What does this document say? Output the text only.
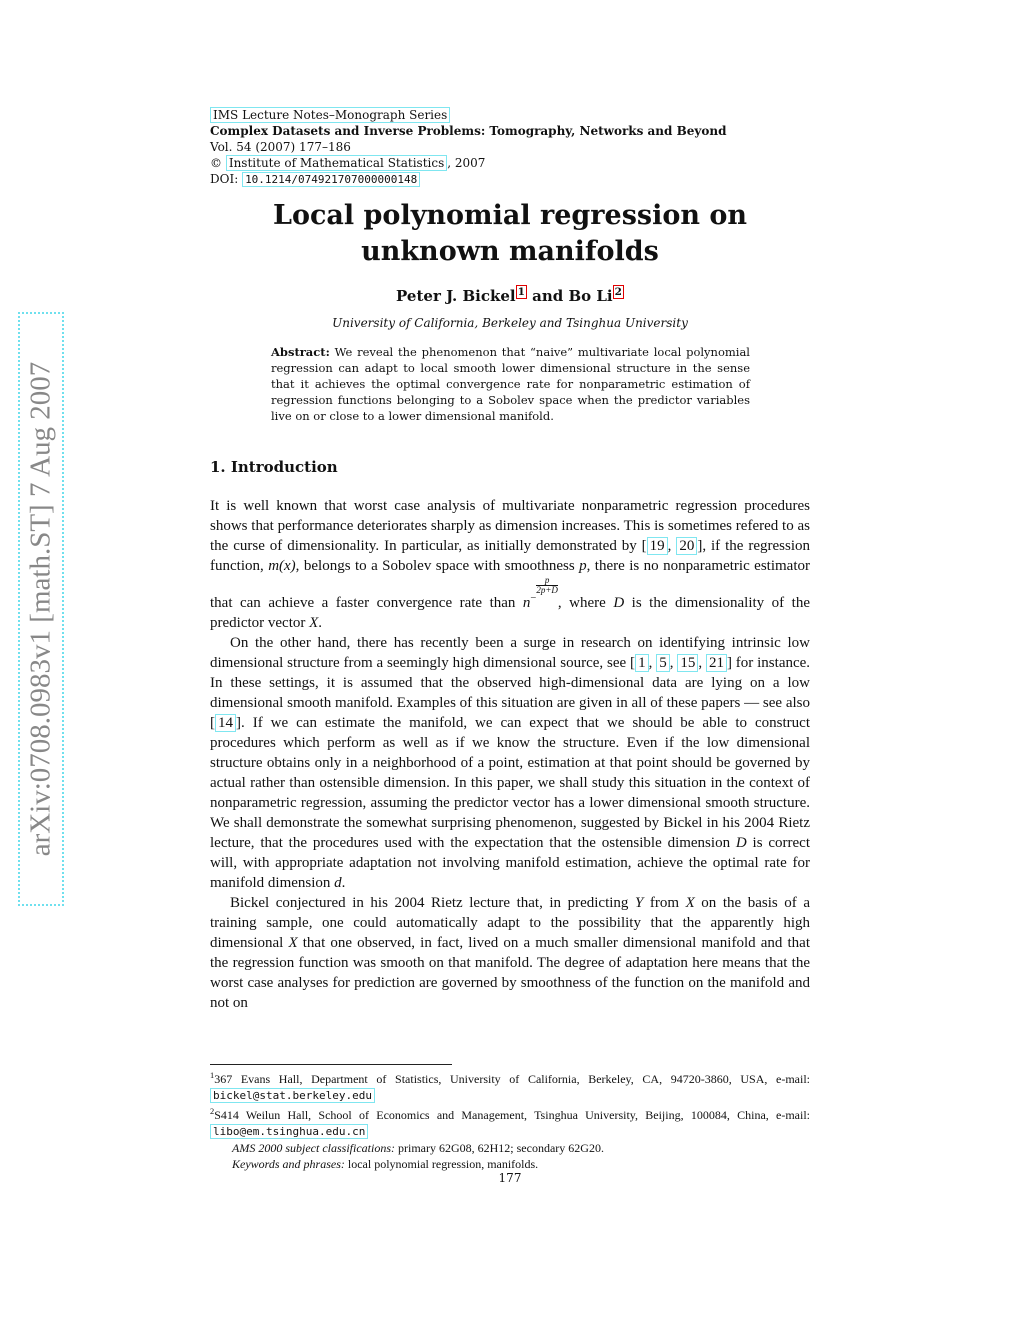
arXiv:0708.0983v1 [math.ST] 7 Aug 2007
IMS Lecture Notes–Monograph Series
Complex Datasets and Inverse Problems: Tomography, Networks and Beyond
Vol. 54 (2007) 177–186
© Institute of Mathematical Statistics , 2007
DOI: 10.1214/074921707000000148
Local polynomial regression on
unknown manifolds
Peter J. Bickel $^1$ and Bo Li $^2$
University of California, Berkeley and Tsinghua University
Abstract: We reveal the phenomenon that “naive” multivariate local polynomial regression can adapt to local smooth lower dimensional structure in the sense that it achieves the optimal convergence rate for nonparametric estimation of regression functions belonging to a Sobolev space when the predictor variables live on or close to a lower dimensional manifold.
1. Introduction

It is well known that worst case analysis of multivariate nonparametric regression procedures shows that performance deteriorates sharply as dimension increases. This is sometimes refered to as the curse of dimensionality. In particular, as initially demonstrated by [ 19 , 20 ], if the regression function, m(x), belongs to a Sobolev space with smoothness p, there is no nonparametric estimator that can achieve a faster convergence rate than $n^{- \frac{p}{2p+D}}$, where D is the dimensionality of the predictor vector X.

On the other hand, there has recently been a surge in research on identifying intrinsic low dimensional structure from a seemingly high dimensional source, see [ 1 , 5 , 15 , 21 ] for instance. In these settings, it is assumed that the observed high-dimensional data are lying on a low dimensional smooth manifold. Examples of this situation are given in all of these papers — see also [ 14 ]. If we can estimate the manifold, we can expect that we should be able to construct procedures which perform as well as if we know the structure. Even if the low dimensional structure obtains only in a neighborhood of a point, estimation at that point should be governed by actual rather than ostensible dimension. In this paper, we shall study this situation in the context of nonparametric regression, assuming the predictor vector has a lower dimensional smooth structure. We shall demonstrate the somewhat surprising phenomenon, suggested by Bickel in his 2004 Rietz lecture, that the procedures used with the expectation that the ostensible dimension D is correct will, with appropriate adaptation not involving manifold estimation, achieve the optimal rate for manifold dimension d.

Bickel conjectured in his 2004 Rietz lecture that, in predicting Y from X on the basis of a training sample, one could automatically adapt to the possibility that the apparently high dimensional X that one observed, in fact, lived on a much smaller dimensional manifold and that the regression function was smooth on that manifold. The degree of adaptation here means that the worst case analyses for prediction are governed by smoothness of the function on the manifold and not on

$^1$367 Evans Hall, Department of Statistics, University of California, Berkeley, CA, 94720-3860, USA, e-mail: bickel@stat.berkeley.edu

$^2$S414 Weilun Hall, School of Economics and Management, Tsinghua University, Beijing, 100084, China, e-mail: libo@em.tsinghua.edu.cn

AMS 2000 subject classifications: primary 62G08, 62H12; secondary 62G20.

Keywords and phrases: local polynomial regression, manifolds.

177
